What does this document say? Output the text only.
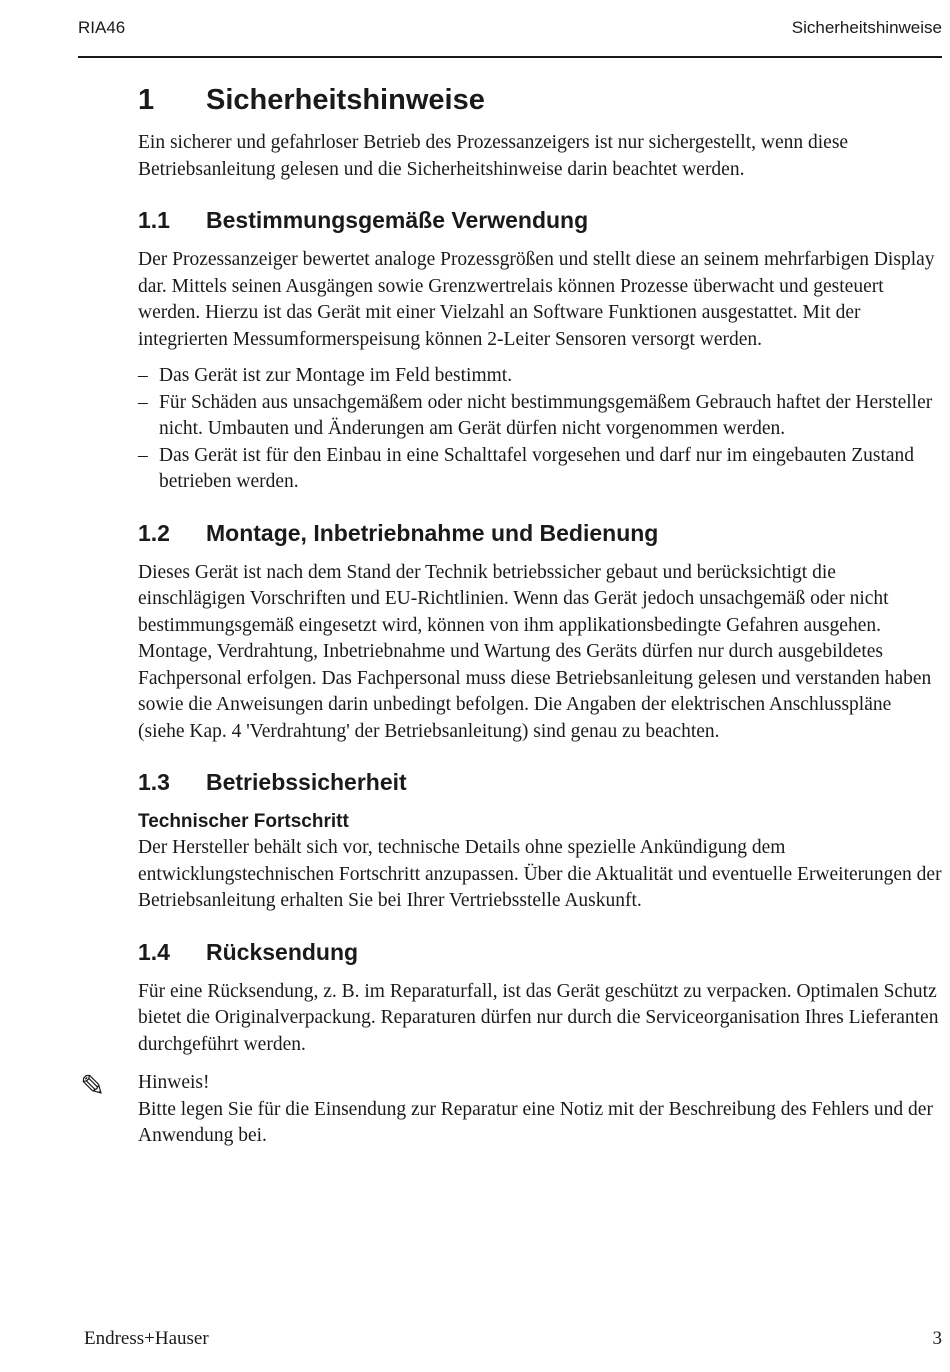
RIA46	Sicherheitshinweise
1	Sicherheitshinweise

Ein sicherer und gefahrloser Betrieb des Prozessanzeigers ist nur sichergestellt, wenn diese Betriebsanleitung gelesen und die Sicherheitshinweise darin beachtet werden.

1.1	Bestimmungsgemäße Verwendung

Der Prozessanzeiger bewertet analoge Prozessgrößen und stellt diese an seinem mehrfarbigen Display dar. Mittels seinen Ausgängen sowie Grenzwertrelais können Prozesse überwacht und gesteuert werden. Hierzu ist das Gerät mit einer Vielzahl an Software Funktionen ausgestattet. Mit der integrierten Messumformerspeisung können 2-Leiter Sensoren versorgt werden.

– Das Gerät ist zur Montage im Feld bestimmt.
– Für Schäden aus unsachgemäßem oder nicht bestimmungsgemäßem Gebrauch haftet der Hersteller nicht. Umbauten und Änderungen am Gerät dürfen nicht vorgenommen werden.
– Das Gerät ist für den Einbau in eine Schalttafel vorgesehen und darf nur im eingebauten Zustand betrieben werden.
1.2	Montage, Inbetriebnahme und Bedienung

Dieses Gerät ist nach dem Stand der Technik betriebssicher gebaut und berücksichtigt die einschlägigen Vorschriften und EU-Richtlinien. Wenn das Gerät jedoch unsachgemäß oder nicht bestimmungsgemäß eingesetzt wird, können von ihm applikationsbedingte Gefahren ausgehen. Montage, Verdrahtung, Inbetriebnahme und Wartung des Geräts dürfen nur durch ausgebildetes Fachpersonal erfolgen. Das Fachpersonal muss diese Betriebsanleitung gelesen und verstanden haben sowie die Anweisungen darin unbedingt befolgen. Die Angaben der elektrischen Anschlusspläne (siehe Kap. 4 'Verdrahtung' der Betriebsanleitung) sind genau zu beachten.

1.3	Betriebssicherheit
Technischer Fortschritt

Der Hersteller behält sich vor, technische Details ohne spezielle Ankündigung dem entwicklungstechnischen Fortschritt anzupassen. Über die Aktualität und eventuelle Erweiterungen der Betriebsanleitung erhalten Sie bei Ihrer Vertriebsstelle Auskunft.

1.4	Rücksendung

Für eine Rücksendung, z. B. im Reparaturfall, ist das Gerät geschützt zu verpacken. Optimalen Schutz bietet die Originalverpackung. Reparaturen dürfen nur durch die Serviceorganisation Ihres Lieferanten durchgeführt werden.

✎ Hinweis!
Bitte legen Sie für die Einsendung zur Reparatur eine Notiz mit der Beschreibung des Fehlers und der Anwendung bei.
Endress+Hauser	3
